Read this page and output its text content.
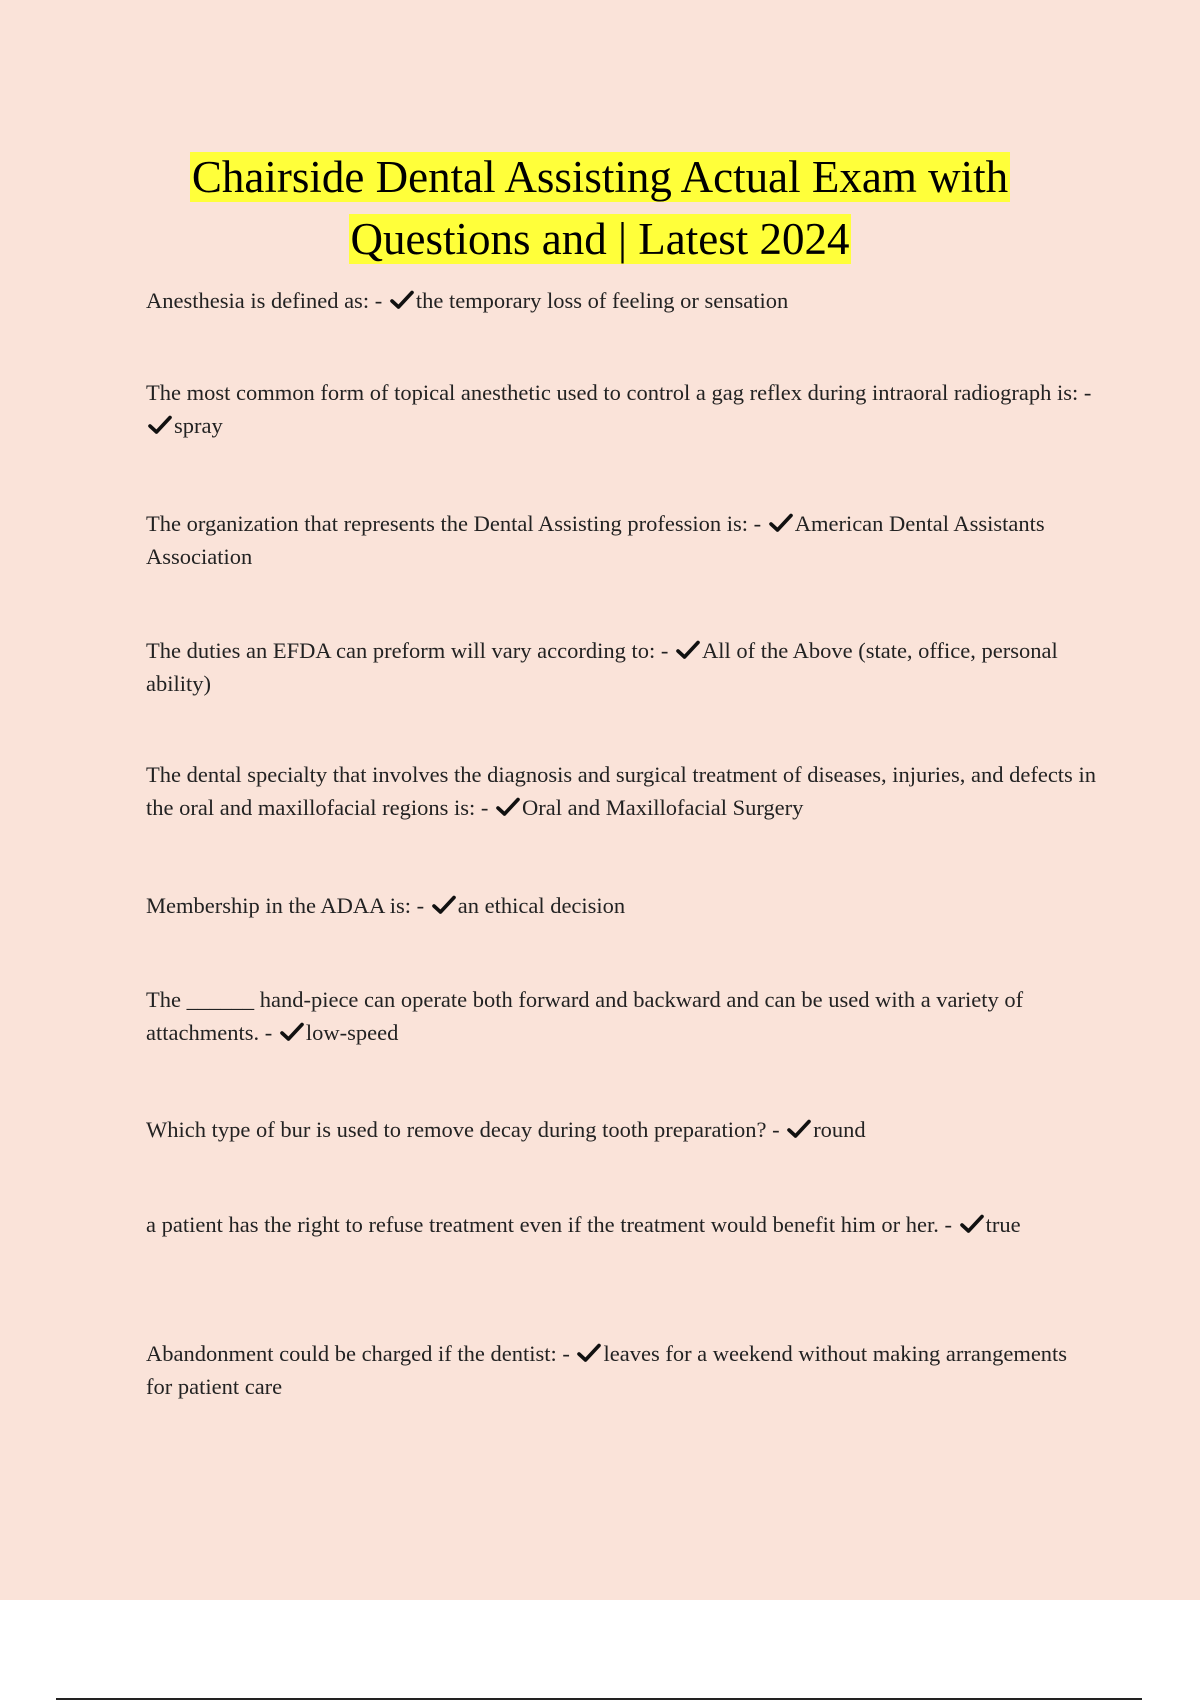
Chairside Dental Assisting Actual Exam with
Questions and | Latest 2024
Anesthesia is defined as: -
the temporary loss of feeling or sensation
The most common form of topical anesthetic used to control a gag reflex during intraoral radiograph is: -
spray
The organization that represents the Dental Assisting profession is: -
American Dental Assistants Association
The duties an EFDA can preform will vary according to: -
All of the Above (state, office, personal ability)
The dental specialty that involves the diagnosis and surgical treatment of diseases, injuries, and defects in the oral and maxillofacial regions is: -
Oral and Maxillofacial Surgery
Membership in the ADAA is: -
an ethical decision
The ______ hand-piece can operate both forward and backward and can be used with a variety of attachments. -
low-speed
Which type of bur is used to remove decay during tooth preparation? -
round
a patient has the right to refuse treatment even if the treatment would benefit him or her. -
true
Abandonment could be charged if the dentist: -
leaves for a weekend without making arrangements for patient care
